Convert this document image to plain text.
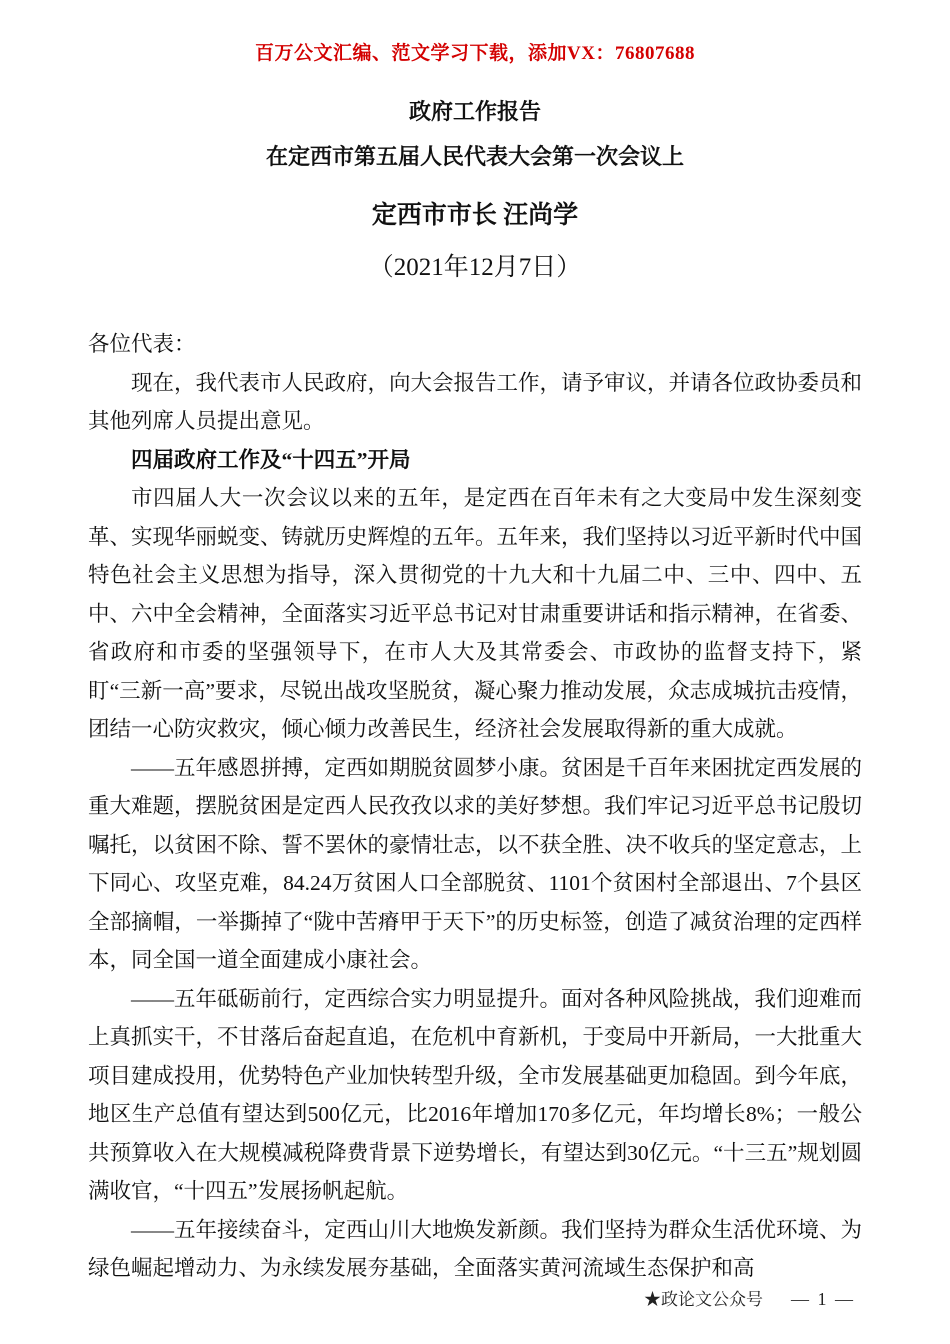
百万公文汇编、范文学习下载，添加VX：76807688
政府工作报告
在定西市第五届人民代表大会第一次会议上
定西市市长 汪尚学
（2021年12月7日）

各位代表：

现在，我代表市人民政府，向大会报告工作，请予审议，并请各位政协委员和其他列席人员提出意见。

四届政府工作及“十四五”开局

市四届人大一次会议以来的五年，是定西在百年未有之大变局中发生深刻变革、实现华丽蜕变、铸就历史辉煌的五年。五年来，我们坚持以习近平新时代中国特色社会主义思想为指导，深入贯彻党的十九大和十九届二中、三中、四中、五中、六中全会精神，全面落实习近平总书记对甘肃重要讲话和指示精神，在省委、省政府和市委的坚强领导下，在市人大及其常委会、市政协的监督支持下，紧盯“三新一高”要求，尽锐出战攻坚脱贫，凝心聚力推动发展，众志成城抗击疫情，团结一心防灾救灾，倾心倾力改善民生，经济社会发展取得新的重大成就。

——五年感恩拼搏，定西如期脱贫圆梦小康。贫困是千百年来困扰定西发展的重大难题，摆脱贫困是定西人民孜孜以求的美好梦想。我们牢记习近平总书记殷切嘱托，以贫困不除、誓不罢休的豪情壮志，以不获全胜、决不收兵的坚定意志，上下同心、攻坚克难，84.24万贫困人口全部脱贫、1101个贫困村全部退出、7个县区全部摘帽，一举撕掉了“陇中苦瘠甲于天下”的历史标签，创造了减贫治理的定西样本，同全国一道全面建成小康社会。

——五年砥砺前行，定西综合实力明显提升。面对各种风险挑战，我们迎难而上真抓实干，不甘落后奋起直追，在危机中育新机，于变局中开新局，一大批重大项目建成投用，优势特色产业加快转型升级，全市发展基础更加稳固。到今年底，地区生产总值有望达到500亿元，比2016年增加170多亿元，年均增长8%；一般公共预算收入在大规模减税降费背景下逆势增长，有望达到30亿元。“十三五”规划圆满收官，“十四五”发展扬帆起航。

——五年接续奋斗，定西山川大地焕发新颜。我们坚持为群众生活优环境、为绿色崛起增动力、为永续发展夯基础，全面落实黄河流域生态保护和高

★政论文公众号 — 1 —
